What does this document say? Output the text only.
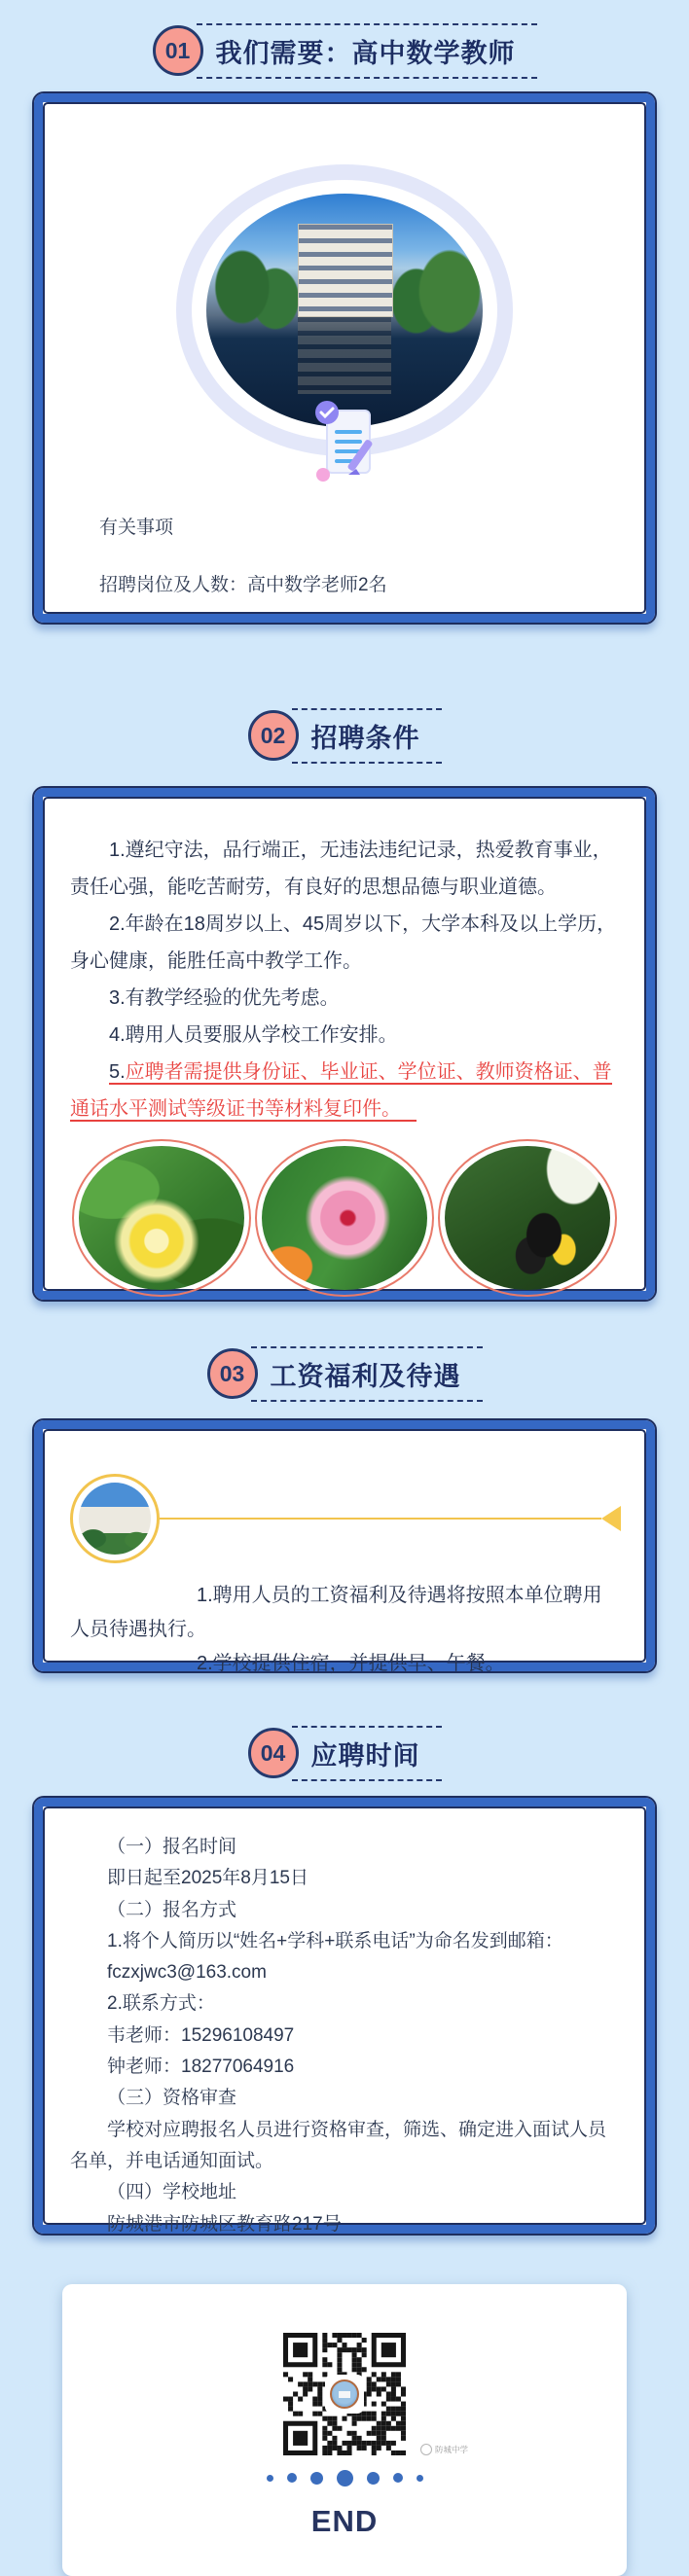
01 我们需要：高中数学教师

有关事项

招聘岗位及人数：高中数学老师2名

02 招聘条件

1.遵纪守法，品行端正，无违法违纪记录，热爱教育事业，责任心强，能吃苦耐劳，有良好的思想品德与职业道德。

2.年龄在18周岁以上、45周岁以下，大学本科及以上学历，身心健康，能胜任高中教学工作。

3.有教学经验的优先考虑。

4.聘用人员要服从学校工作安排。

5.应聘者需提供身份证、毕业证、学位证、教师资格证、普通话水平测试等级证书等材料复印件。

03 工资福利及待遇

1.聘用人员的工资福利及待遇将按照本单位聘用人员待遇执行。

2.学校提供住宿，并提供早、午餐。

04 应聘时间

（一）报名时间

即日起至2025年8月15日

（二）报名方式

1.将个人简历以“姓名+学科+联系电话”为命名发到邮箱：

fczxjwc3@163.com

2.联系方式：

韦老师：15296108497

钟老师：18277064916

（三）资格审查

学校对应聘报名人员进行资格审查，筛选、确定进入面试人员名单，并电话通知面试。

（四）学校地址

防城港市防城区教育路217号

防城中学
END
